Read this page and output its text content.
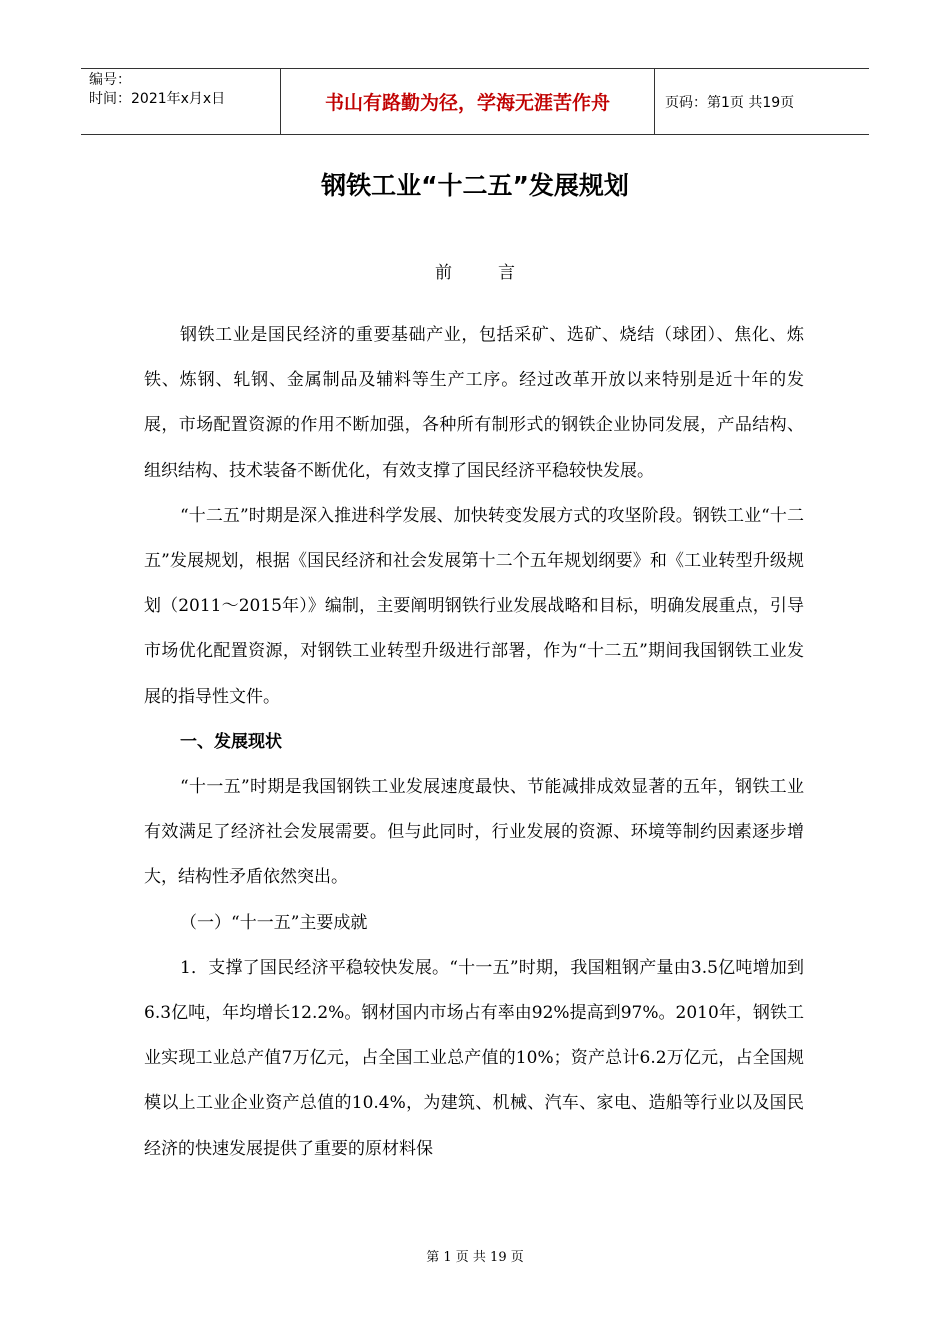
编号：
时间：2021年x月x日	书山有路勤为径，学海无涯苦作舟	页码：第1页 共19页
钢铁工业“十二五”发展规划
前言

钢铁工业是国民经济的重要基础产业，包括采矿、选矿、烧结（球团）、焦化、炼铁、炼钢、轧钢、金属制品及辅料等生产工序。经过改革开放以来特别是近十年的发展，市场配置资源的作用不断加强，各种所有制形式的钢铁企业协同发展，产品结构、组织结构、技术装备不断优化，有效支撑了国民经济平稳较快发展。

“十二五”时期是深入推进科学发展、加快转变发展方式的攻坚阶段。钢铁工业“十二五”发展规划，根据《国民经济和社会发展第十二个五年规划纲要》和《工业转型升级规划（2011～2015年）》编制，主要阐明钢铁行业发展战略和目标，明确发展重点，引导市场优化配置资源，对钢铁工业转型升级进行部署，作为“十二五”期间我国钢铁工业发展的指导性文件。

一、发展现状

“十一五”时期是我国钢铁工业发展速度最快、节能减排成效显著的五年，钢铁工业有效满足了经济社会发展需要。但与此同时，行业发展的资源、环境等制约因素逐步增大，结构性矛盾依然突出。

（一）“十一五”主要成就

1．支撑了国民经济平稳较快发展。“十一五”时期，我国粗钢产量由3.5亿吨增加到6.3亿吨，年均增长12.2%。钢材国内市场占有率由92%提高到97%。2010年，钢铁工业实现工业总产值7万亿元，占全国工业总产值的10%；资产总计6.2万亿元，占全国规模以上工业企业资产总值的10.4%，为建筑、机械、汽车、家电、造船等行业以及国民经济的快速发展提供了重要的原材料保

第 1 页 共 19 页
